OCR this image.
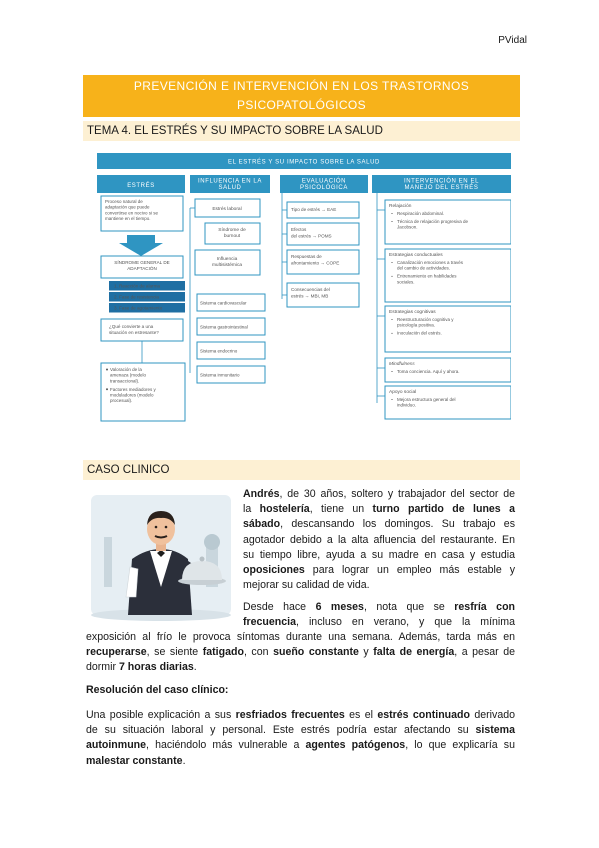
PVidal
PREVENCIÓN E INTERVENCIÓN EN LOS TRASTORNOS
PSICOPATOLÓGICOS
TEMA 4. EL ESTRÉS Y SU IMPACTO SOBRE LA SALUD
EL ESTRÉS Y SU IMPACTO SOBRE LA SALUD
ESTRÉS
INFLUENCIA EN LA SALUD
EVALUACIÓN PSICOLÓGICA
INTERVENCIÓN EN EL MANEJO DEL ESTRÉS
Proceso natural de adaptación que puede convertirse en nocivo si se mantiene en el tiempo.
SÍNDROME GENERAL DE ADAPTACIÓN
1. Reacción de alarma
2. Fase de resistencia
3. Fase de agotamiento
¿Qué convierte a una situación en estresante?
Valoración de la amenaza (modelo transaccional).
Factores mediadores y moduladores (modelo procesual).
Estrés laboral
Síndrome de burnout
Influencia multisistémica
Sistema cardiovascular
Sistema gastrointestinal
Sistema endocrino
Sistema inmunitario
Tipo de estrés → EAE
Efectos del estrés → POMS
Respuestas de afrontamiento → COPE
Consecuencias del estrés → MBI, MB
Relajación
Respiración abdominal.
Técnica de relajación progresiva de Jacobson.
Estrategias conductuales
Canalización emociones a través del cambio de actividades.
Entrenamiento en habilidades sociales.
Estrategias cognitivas
Reestructuración cognitiva y psicología positiva.
Inoculación del estrés.
Mindfulness
Toma conciencia. Aquí y ahora.
Apoyo social
Mejora estructura general del individuo.
CASO CLINICO
Andrés, de 30 años, soltero y trabajador del sector de
la hostelería, tiene un turno partido de lunes a
sábado, descansando los domingos. Su trabajo es
agotador debido a la alta afluencia del restaurante. En
su tiempo libre, ayuda a su madre en casa y estudia
oposiciones para lograr un empleo más estable y
mejorar su calidad de vida.
Desde hace 6 meses, nota que se resfría con
frecuencia, incluso en verano, y que la mínima
exposición al frío le provoca síntomas durante una semana. Además, tarda más en
recuperarse, se siente fatigado, con sueño constante y falta de energía, a pesar de
dormir 7 horas diarias.
Resolución del caso clínico:
Una posible explicación a sus resfriados frecuentes es el estrés continuado derivado
de su situación laboral y personal. Este estrés podría estar afectando su sistema
autoinmune, haciéndolo más vulnerable a agentes patógenos, lo que explicaría su
malestar constante.
